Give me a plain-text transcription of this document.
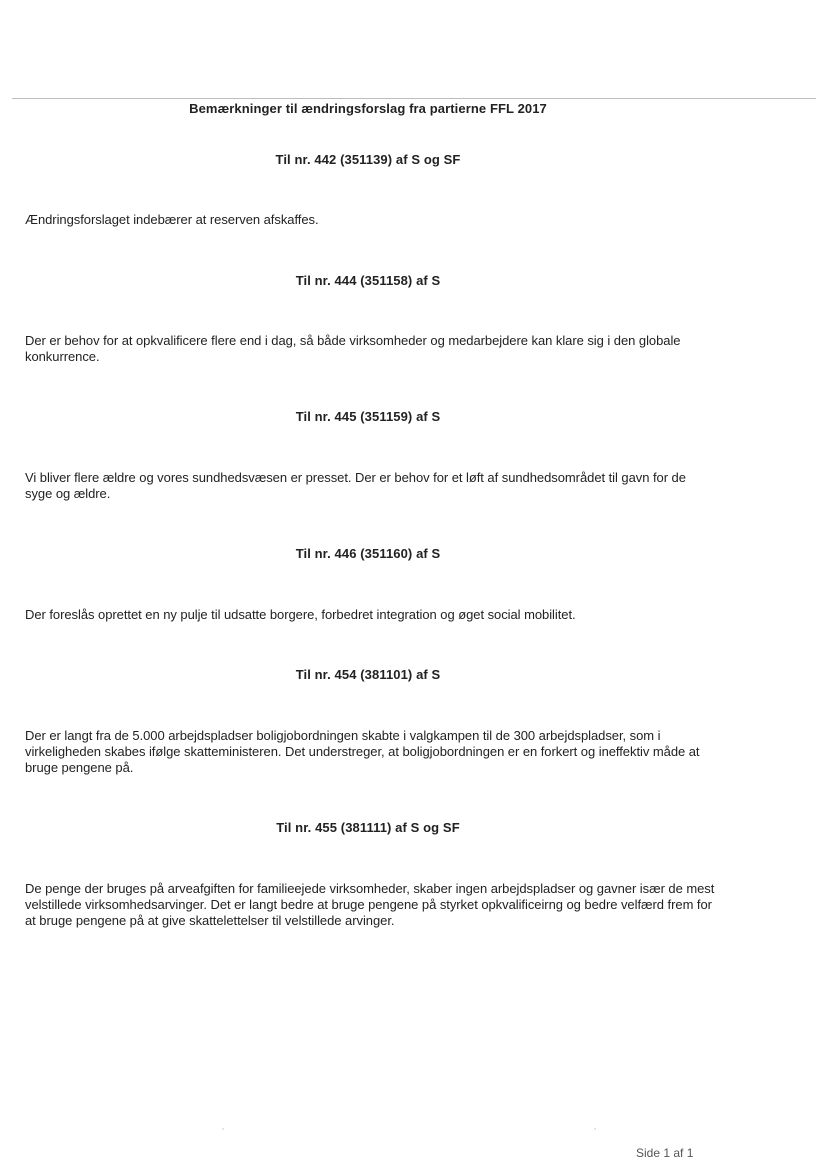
Bemærkninger til ændringsforslag fra partierne FFL 2017
Til nr. 442 (351139) af S og SF
Ændringsforslaget indebærer at reserven afskaffes.
Til nr. 444 (351158) af S
Der er behov for at opkvalificere flere end i dag, så både virksomheder og medarbejdere kan klare sig i den globale konkurrence.
Til nr. 445 (351159) af S
Vi bliver flere ældre og vores sundhedsvæsen er presset. Der er behov for et løft af sundhedsområdet til gavn for de syge og ældre.
Til nr. 446 (351160) af S
Der foreslås oprettet en ny pulje til udsatte borgere, forbedret integration og øget social mobilitet.
Til nr. 454 (381101) af S
Der er langt fra de 5.000 arbejdspladser boligjobordningen skabte i valgkampen til de 300 arbejdspladser, som i virkeligheden skabes ifølge skatteministeren. Det understreger, at boligjobordningen er en forkert og ineffektiv måde at bruge pengene på.
Til nr. 455 (381111) af S og SF
De penge der bruges på arveafgiften for familieejede virksomheder, skaber ingen arbejdspladser og gavner især de mest velstillede virksomhedsarvinger. Det er langt bedre at bruge pengene på styrket opkvalificeirng og bedre velfærd frem for at bruge pengene på at give skattelettelser til velstillede arvinger.
Side 1 af 1
